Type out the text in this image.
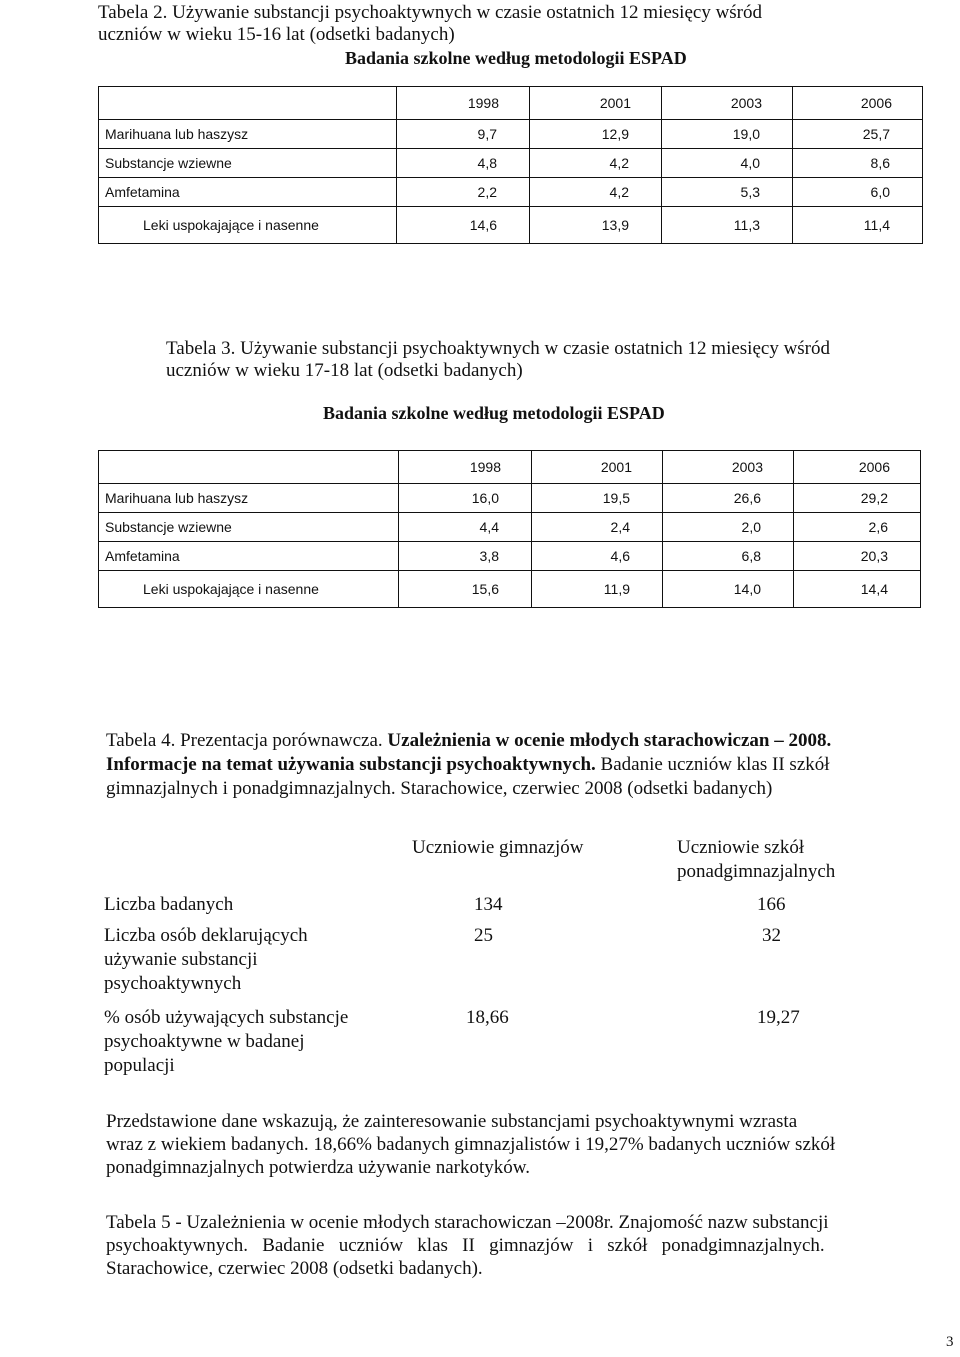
Tabela 2. Używanie substancji psychoaktywnych w czasie ostatnich 12 miesięcy wśród
uczniów w wieku 15-16 lat (odsetki badanych)
Badania szkolne według metodologii ESPAD
	1998	2001	2003	2006
Marihuana lub haszysz	9,7	12,9	19,0	25,7
Substancje wziewne	4,8	4,2	4,0	8,6
Amfetamina	2,2	4,2	5,3	6,0
Leki uspokajające i nasenne	14,6	13,9	11,3	11,4
Tabela 3. Używanie substancji psychoaktywnych w czasie ostatnich 12 miesięcy wśród
uczniów w wieku 17-18 lat (odsetki badanych)
Badania szkolne według metodologii ESPAD
	1998	2001	2003	2006
Marihuana lub haszysz	16,0	19,5	26,6	29,2
Substancje wziewne	4,4	2,4	2,0	2,6
Amfetamina	3,8	4,6	6,8	20,3
Leki uspokajające i nasenne	15,6	11,9	14,0	14,4
Tabela 4. Prezentacja porównawcza. Uzależnienia w ocenie młodych starachowiczan – 2008.
Informacje na temat używania substancji psychoaktywnych. Badanie uczniów klas II szkół
gimnazjalnych i ponadgimnazjalnych. Starachowice, czerwiec 2008 (odsetki badanych)
Uczniowie gimnazjów	Uczniowie szkół
ponadgimnazjalnych
Liczba badanych	134	166
Liczba osób deklarujących
używanie substancji
psychoaktywnych
25	32
% osób używających substancje
psychoaktywne w badanej
populacji
18,66	19,27
Przedstawione dane wskazują, że zainteresowanie substancjami psychoaktywnymi wzrasta
wraz z wiekiem badanych. 18,66% badanych gimnazjalistów i 19,27% badanych uczniów szkół
ponadgimnazjalnych potwierdza używanie narkotyków.
Tabela 5 - Uzależnienia w ocenie młodych starachowiczan –2008r. Znajomość nazw substancji
psychoaktywnych.   Badanie   uczniów   klas   II   gimnazjów   i   szkół   ponadgimnazjalnych.
Starachowice, czerwiec 2008 (odsetki badanych).
3
